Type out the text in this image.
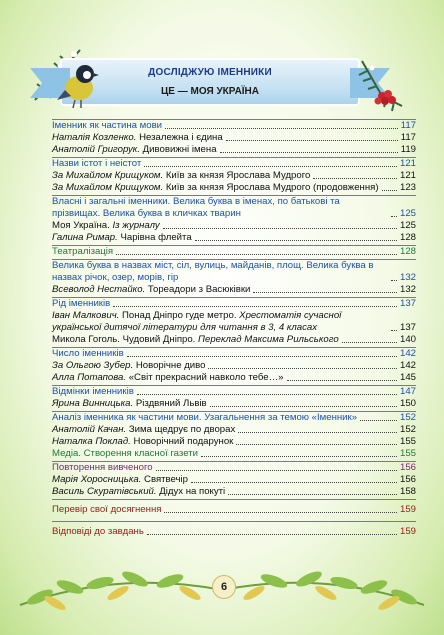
ДОСЛІДЖУЮ ІМЕННИКИ
ЦЕ — МОЯ УКРАЇНА
Іменник як частина мови	117
Наталія Козленко. Незалежна і єдина	117
Анатолій Григорук. Дивовижні імена	119
Назви істот і неістот	121
За Михайлом Крищуком. Київ за князя Ярослава Мудрого	121
За Михайлом Крищуком. Київ за князя Ярослава Мудрого (продовження) 123
Власні і загальні іменники. Велика буква в іменах, по батькові та прізвищах. Велика буква в кличках тварин	125
Моя Україна. Із журналу	125
Галина Римар. Чарівна флейта	128
Театралізація	128
Велика буква в назвах міст, сіл, вулиць, майданів, площ. Велика буква в назвах річок, озер, морів, гір	132
Всеволод Нестайко. Тореадори з Васюківки	132
Рід іменників	137
Іван Малкович. Понад Дніпро гуде метро. Хрестоматія сучасної української дитячої літератури для читання в 3, 4 класах	137
Микола Гоголь. Чудовий Дніпро. Переклад Максима Рильського	140
Число іменників	142
За Ольгою Зубер. Новорічне диво	142
Алла Потапова. «Світ прекрасний навколо тебе…»	145
Відмінки іменників	147
Ярина Винницька. Різдвяний Львів	150
Аналіз іменника як частини мови. Узагальнення за темою «Іменник»	152
Анатолій Качан. Зима щедрує по дворах	152
Наталка Поклад. Новорічний подарунок	155
Медіа. Створення класної газети	155
Повторення вивченого	156
Марія Хоросницька. Святвечір	156
Василь Скуратівський. Дідух на покуті	158
Перевір свої досягнення	159
Відповіді до завдань	159
6
